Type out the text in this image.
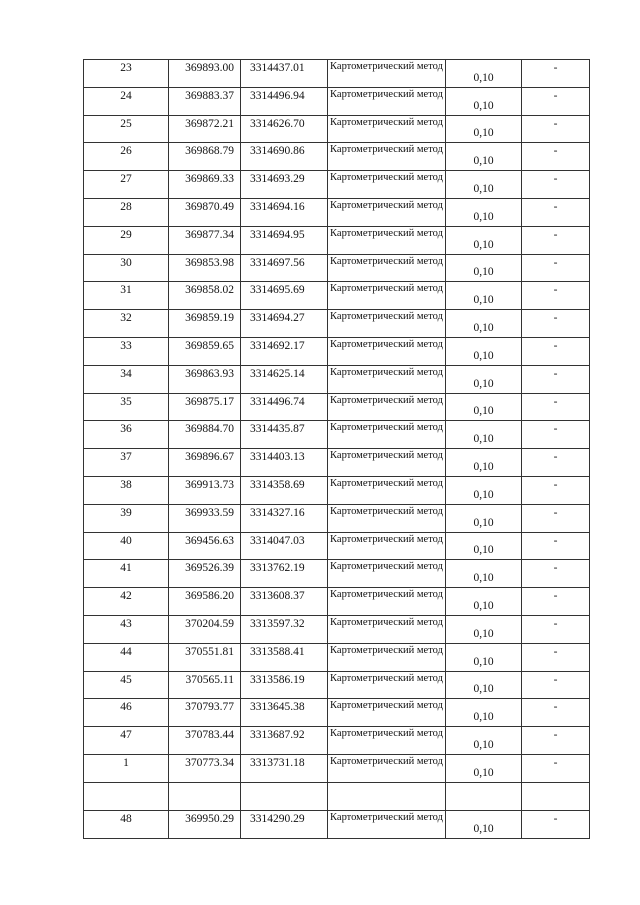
23	369893.00	3314437.01	Картометрический метод	0,10	-
24	369883.37	3314496.94	Картометрический метод	0,10	-
25	369872.21	3314626.70	Картометрический метод	0,10	-
26	369868.79	3314690.86	Картометрический метод	0,10	-
27	369869.33	3314693.29	Картометрический метод	0,10	-
28	369870.49	3314694.16	Картометрический метод	0,10	-
29	369877.34	3314694.95	Картометрический метод	0,10	-
30	369853.98	3314697.56	Картометрический метод	0,10	-
31	369858.02	3314695.69	Картометрический метод	0,10	-
32	369859.19	3314694.27	Картометрический метод	0,10	-
33	369859.65	3314692.17	Картометрический метод	0,10	-
34	369863.93	3314625.14	Картометрический метод	0,10	-
35	369875.17	3314496.74	Картометрический метод	0,10	-
36	369884.70	3314435.87	Картометрический метод	0,10	-
37	369896.67	3314403.13	Картометрический метод	0,10	-
38	369913.73	3314358.69	Картометрический метод	0,10	-
39	369933.59	3314327.16	Картометрический метод	0,10	-
40	369456.63	3314047.03	Картометрический метод	0,10	-
41	369526.39	3313762.19	Картометрический метод	0,10	-
42	369586.20	3313608.37	Картометрический метод	0,10	-
43	370204.59	3313597.32	Картометрический метод	0,10	-
44	370551.81	3313588.41	Картометрический метод	0,10	-
45	370565.11	3313586.19	Картометрический метод	0,10	-
46	370793.77	3313645.38	Картометрический метод	0,10	-
47	370783.44	3313687.92	Картометрический метод	0,10	-
1	370773.34	3313731.18	Картометрический метод	0,10	-

48	369950.29	3314290.29	Картометрический метод	0,10	-
